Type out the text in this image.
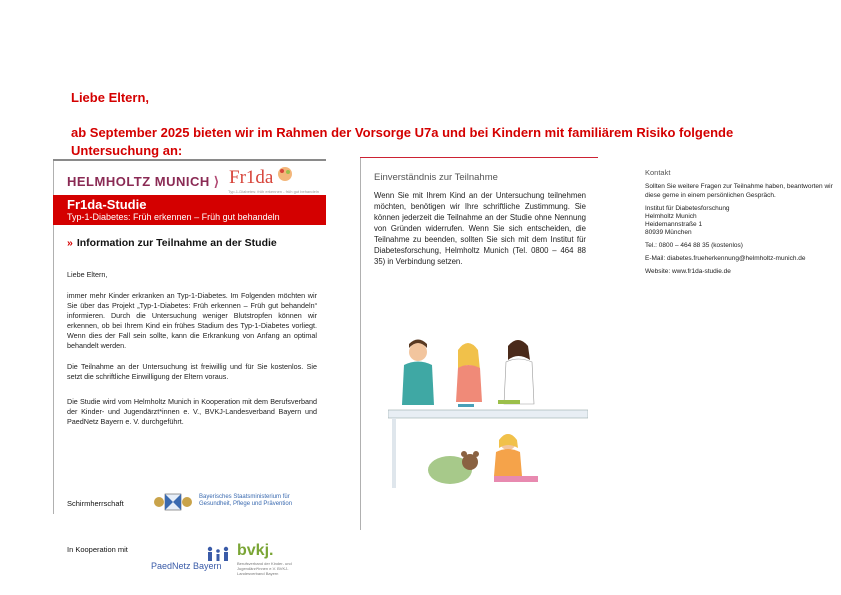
Liebe Eltern,

ab September 2025 bieten wir im Rahmen der Vorsorge U7a und bei Kindern mit familiärem Risiko folgende Untersuchung an:

HELMHOLTZ MUNICH ⟩ Fr1da
Typ-1-Diabetes: früh erkennen - früh gut behandeln
Fr1da-Studie
Typ-1-Diabetes: Früh erkennen – Früh gut behandeln
» Information zur Teilnahme an der Studie

Liebe Eltern,

immer mehr Kinder erkranken an Typ-1-Diabetes. Im Folgenden möchten wir Sie über das Projekt „Typ-1-Diabetes: Früh erkennen – Früh gut behandeln“ informieren. Durch die Untersuchung weniger Blutstropfen können wir erkennen, ob bei Ihrem Kind ein frühes Stadium des Typ-1-Diabetes vorliegt. Wenn dies der Fall sein sollte, kann die Erkrankung von Anfang an optimal behandelt werden.

Die Teilnahme an der Untersuchung ist freiwillig und für Sie kostenlos. Sie setzt die schriftliche Einwilligung der Eltern voraus.

Die Studie wird vom Helmholtz Munich in Kooperation mit dem Berufsverband der Kinder- und Jugendärzt*innen e. V., BVKJ-Landesverband Bayern und PaedNetz Bayern e. V. durchgeführt.

Schirmherrschaft
Bayerisches Staatsministerium für Gesundheit, Pflege und Prävention
In Kooperation mit
PaedNetz Bayern
bvkj.
Berufsverband der Kinder- und Jugendärzt*innen e.V. BVKJ-Landesverband Bayern
Einverständnis zur Teilnahme

Wenn Sie mit Ihrem Kind an der Untersuchung teilnehmen möchten, benötigen wir Ihre schriftliche Zustimmung. Sie können jederzeit die Teilnahme an der Studie ohne Nennung von Gründen widerrufen. Wenn Sie sich entscheiden, die Teilnahme zu beenden, sollten Sie sich mit dem Institut für Diabetesforschung, Helmholtz Munich (Tel. 0800 – 464 88 35) in Verbindung setzen.

Kontakt

Sollten Sie weitere Fragen zur Teilnahme haben, beantworten wir diese gerne in einem persönlichen Gespräch.

Institut für Diabetesforschung

Helmholtz Munich

Heidemannstraße 1

80939 München

Tel.: 0800 – 464 88 35 (kostenlos)

E-Mail: diabetes.frueherkennung@helmholtz-munich.de

Website: www.fr1da-studie.de
